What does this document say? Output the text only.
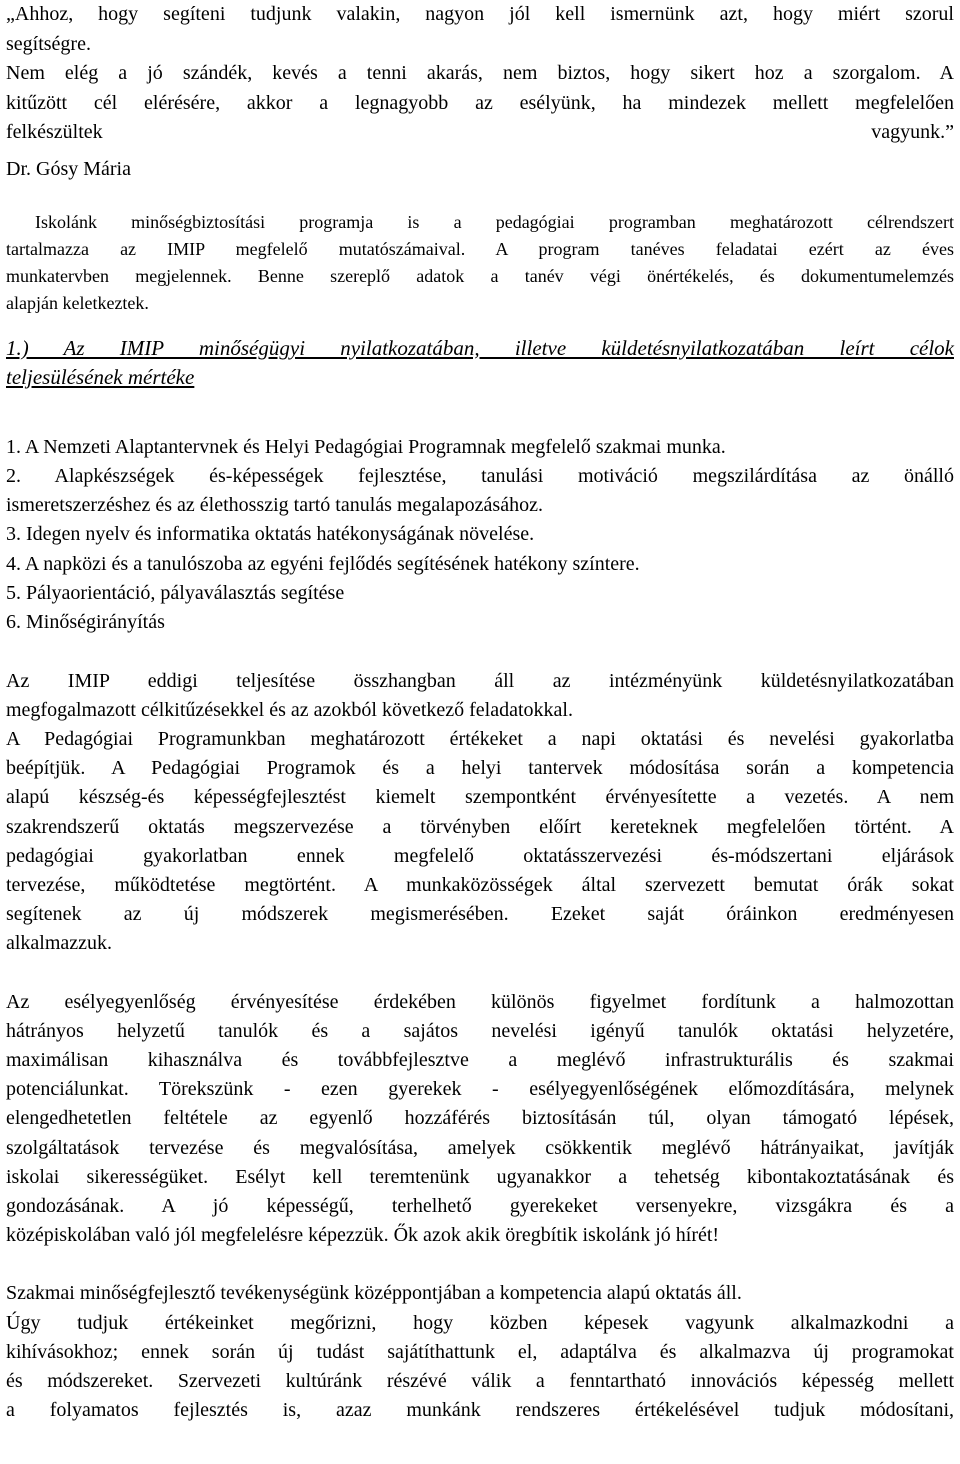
„Ahhoz, hogy segíteni tudjunk valakin, nagyon jól kell ismernünk azt, hogy miért szorul
segítségre.
Nem elég a jó szándék, kevés a tenni akarás, nem biztos, hogy sikert hoz a szorgalom. A
kitűzött cél elérésére, akkor a legnagyobb az esélyünk, ha mindezek mellett megfelelően
felkészültek	vagyunk.”

Dr. Gósy Mária

Iskolánk minőségbiztosítási programja is a pedagógiai programban meghatározott célrendszert
tartalmazza az IMIP megfelelő mutatószámaival. A program tanéves feladatai ezért az éves
munkatervben megjelennek. Benne szereplő adatok a tanév végi önértékelés, és dokumentumelemzés
alapján keletkeztek.
1.) Az IMIP minőségügyi nyilatkozatában, illetve küldetésnyilatkozatában leírt célok
teljesülésének mértéke
1. A Nemzeti Alaptantervnek és Helyi Pedagógiai Programnak megfelelő szakmai munka.
2. Alapkészségek és-képességek fejlesztése, tanulási motiváció megszilárdítása az önálló
ismeretszerzéshez és az élethosszig tartó tanulás megalapozásához.
3. Idegen nyelv és informatika oktatás hatékonyságának növelése.
4. A napközi és a tanulószoba az egyéni fejlődés segítésének hatékony színtere.
5. Pályaorientáció, pályaválasztás segítése
6. Minőségirányítás
Az IMIP eddigi teljesítése összhangban áll az intézményünk küldetésnyilatkozatában
megfogalmazott célkitűzésekkel és az azokból következő feladatokkal.
A Pedagógiai Programunkban meghatározott értékeket a napi oktatási és nevelési gyakorlatba
beépítjük. A Pedagógiai Programok és a helyi tantervek módosítása során a kompetencia
alapú készség-és képességfejlesztést kiemelt szempontként érvényesítette a vezetés. A nem
szakrendszerű oktatás megszervezése a törvényben előírt kereteknek megfelelően történt. A
pedagógiai gyakorlatban ennek megfelelő oktatásszervezési és-módszertani eljárások
tervezése, működtetése megtörtént. A munkaközösségek által szervezett bemutat órák sokat
segítenek az új módszerek megismerésében. Ezeket saját óráinkon eredményesen
alkalmazzuk.
Az esélyegyenlőség érvényesítése érdekében különös figyelmet fordítunk a halmozottan
hátrányos helyzetű tanulók és a sajátos nevelési igényű tanulók oktatási helyzetére,
maximálisan kihasználva és továbbfejlesztve a meglévő infrastrukturális és szakmai
potenciálunkat. Törekszünk - ezen gyerekek - esélyegyenlőségének előmozdítására, melynek
elengedhetetlen feltétele az egyenlő hozzáférés biztosításán túl, olyan támogató lépések,
szolgáltatások tervezése és megvalósítása, amelyek csökkentik meglévő hátrányaikat, javítják
iskolai sikerességüket. Esélyt kell teremtenünk ugyanakkor a tehetség kibontakoztatásának és
gondozásának. A jó képességű, terhelhető gyerekeket versenyekre, vizsgákra és a
középiskolában való jól megfelelésre képezzük. Ők azok akik öregbítik iskolánk jó hírét!
Szakmai minőségfejlesztő tevékenységünk középpontjában a kompetencia alapú oktatás áll.
Úgy tudjuk értékeinket megőrizni, hogy közben képesek vagyunk alkalmazkodni a
kihívásokhoz; ennek során új tudást sajátíthattunk el, adaptálva és alkalmazva új programokat
és módszereket. Szervezeti kultúránk részévé válik a fenntartható innovációs képesség mellett
a folyamatos fejlesztés is, azaz munkánk rendszeres értékelésével tudjuk módosítani,
